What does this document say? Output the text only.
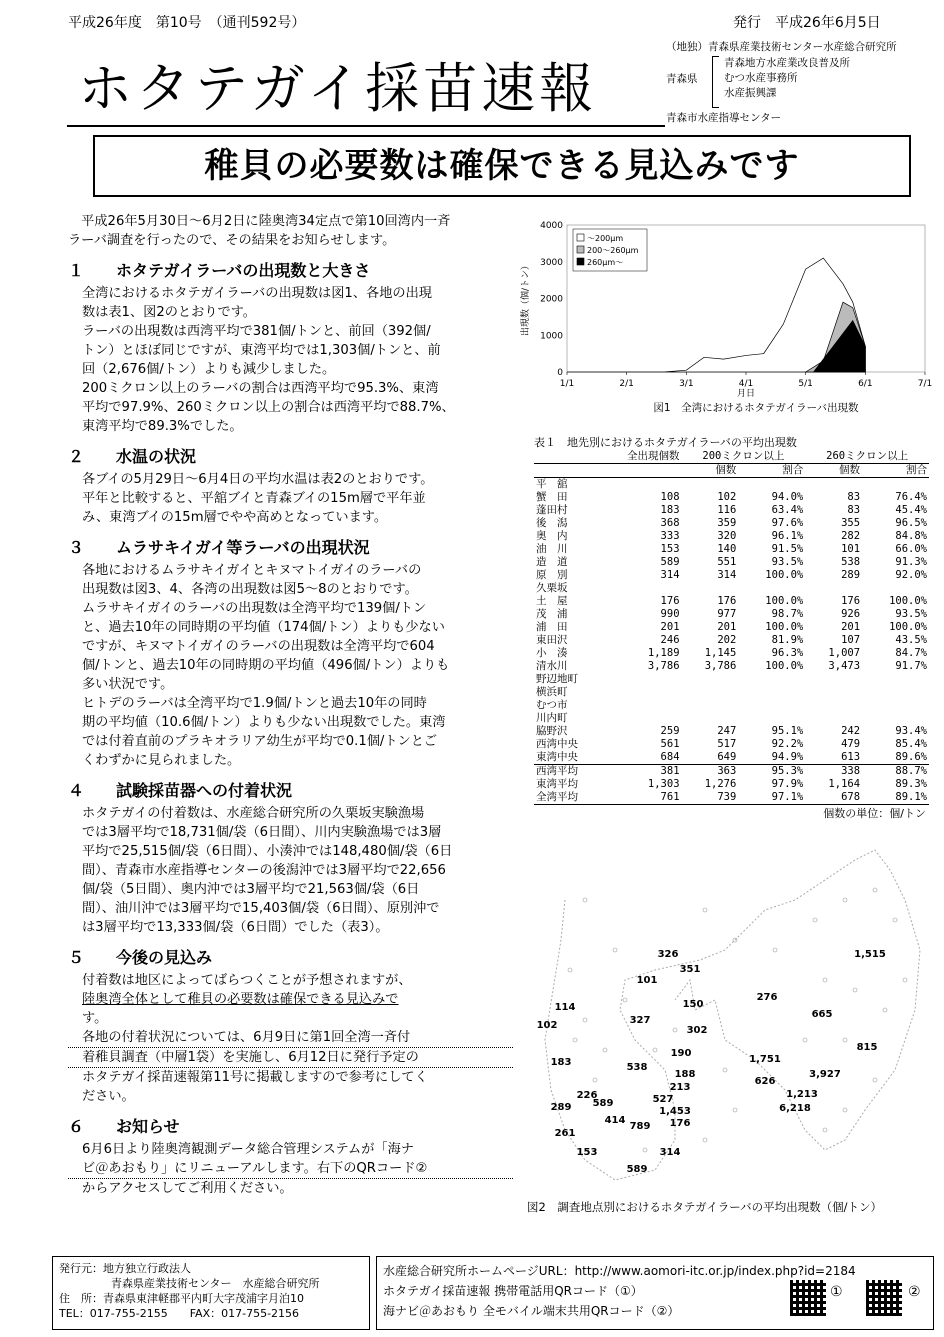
平成26年度　第10号　（通刊592号）	発行　平成26年6月5日
ホタテガイ採苗速報
（地独）青森県産業技術センター水産総合研究所
青森県
青森地方水産業改良普及所
むつ水産事務所
水産振興課
青森市水産指導センター
稚貝の必要数は確保できる見込みです
　平成26年5月30日～6月2日に陸奥湾34定点で第10回湾内一斉
ラーバ調査を行ったので、その結果をお知らせします。
１　　ホタテガイラーバの出現数と大きさ
全湾におけるホタテガイラーバの出現数は図1、各地の出現
数は表1、図2のとおりです。
ラーバの出現数は西湾平均で381個/トンと、前回（392個/
トン）とほぼ同じですが、東湾平均では1,303個/トンと、前
回（2,676個/トン）よりも減少しました。
200ミクロン以上のラーバの割合は西湾平均で95.3%、東湾
平均で97.9%、260ミクロン以上の割合は西湾平均で88.7%、
東湾平均で89.3%でした。
２　　水温の状況
各ブイの5月29日～6月4日の平均水温は表2のとおりです。
平年と比較すると、平舘ブイと青森ブイの15m層で平年並
み、東湾ブイの15m層でやや高めとなっています。
３　　ムラサキイガイ等ラーバの出現状況
各地におけるムラサキイガイとキヌマトイガイのラーバの
出現数は図3、4、各湾の出現数は図5～8のとおりです。
ムラサキイガイのラーバの出現数は全湾平均で139個/トン
と、過去10年の同時期の平均値（174個/トン）よりも少ない
ですが、キヌマトイガイのラーバの出現数は全湾平均で604
個/トンと、過去10年の同時期の平均値（496個/トン）よりも
多い状況です。
ヒトデのラーバは全湾平均で1.9個/トンと過去10年の同時
期の平均値（10.6個/トン）よりも少ない出現数でした。東湾
では付着直前のプラキオラリア幼生が平均で0.1個/トンとご
くわずかに見られました。
４　　試験採苗器への付着状況
ホタテガイの付着数は、水産総合研究所の久栗坂実験漁場
では3層平均で18,731個/袋（6日間）、川内実験漁場では3層
平均で25,515個/袋（6日間）、小湊沖では148,480個/袋（6日
間）、青森市水産指導センターの後潟沖では3層平均で22,656
個/袋（5日間）、奥内沖では3層平均で21,563個/袋（6日
間）、油川沖では3層平均で15,403個/袋（6日間）、原別沖で
は3層平均で13,333個/袋（6日間）でした（表3）。
５　　今後の見込み
付着数は地区によってばらつくことが予想されますが、
陸奥湾全体として稚貝の必要数は確保できる見込みで
す。
各地の付着状況については、6月9日に第1回全湾一斉付
着稚貝調査（中層1袋）を実施し、6月12日に発行予定の
ホタテガイ採苗速報第11号に掲載しますので参考にしてく
ださい。
６　　お知らせ
6月6日より陸奥湾観測データ総合管理システムが「海ナ
ビ＠あおもり」にリニューアルします。右下のQRコード②
からアクセスしてご利用ください。
0
1000
2000
3000
4000
1/1	2/1	3/1	4/1	5/1	6/1	7/1
月日
出現数（個/トン）
～200μm
200～260μm
260μm～
図1　全湾におけるホタテガイラーバ出現数
表１　地先別におけるホタテガイラーバの平均出現数
	全出現個数	200ミクロン以上		260ミクロン以上	
		個数	割合	個数	割合
平　舘					
蟹　田	108	102	94.0%	83	76.4%
蓬田村	183	116	63.4%	83	45.4%
後　潟	368	359	97.6%	355	96.5%
奥　内	333	320	96.1%	282	84.8%
油　川	153	140	91.5%	101	66.0%
造　道	589	551	93.5%	538	91.3%
原　別	314	314	100.0%	289	92.0%
久栗坂					
土　屋	176	176	100.0%	176	100.0%
茂　浦	990	977	98.7%	926	93.5%
浦　田	201	201	100.0%	201	100.0%
東田沢	246	202	81.9%	107	43.5%
小　湊	1,189	1,145	96.3%	1,007	84.7%
清水川	3,786	3,786	100.0%	3,473	91.7%
野辺地町					
横浜町					
むつ市					
川内町					
脇野沢	259	247	95.1%	242	93.4%
西湾中央	561	517	92.2%	479	85.4%
東湾中央	684	649	94.9%	613	89.6%
西湾平均	381	363	95.3%	338	88.7%
東湾平均	1,303	1,276	97.9%	1,164	89.3%
全湾平均	761	739	97.1%	678	89.1%
個数の単位：個/トン
326
351
1,515
101
114	150
276
102	327
302
665
815
183
190
1,751
538
188	3,927
626
213
226	527	1,213
289 589
1,453	6,218
414
789 176
261
314
153
589
図2　調査地点別におけるホタテガイラーバの平均出現数（個/トン）
発行元：地方独立行政法人
青森県産業技術センター　水産総合研究所
住　所：青森県東津軽郡平内町大字茂浦字月泊10
TEL：017-755-2155　　 FAX：017-755-2156
水産総合研究所ホームページURL：http://www.aomori-itc.or.jp/index.php?id=2184
ホタテガイ採苗速報 携帯電話用QRコード（①）
海ナビ＠あおもり 全モバイル端末共用QRコード（②）
①	②
